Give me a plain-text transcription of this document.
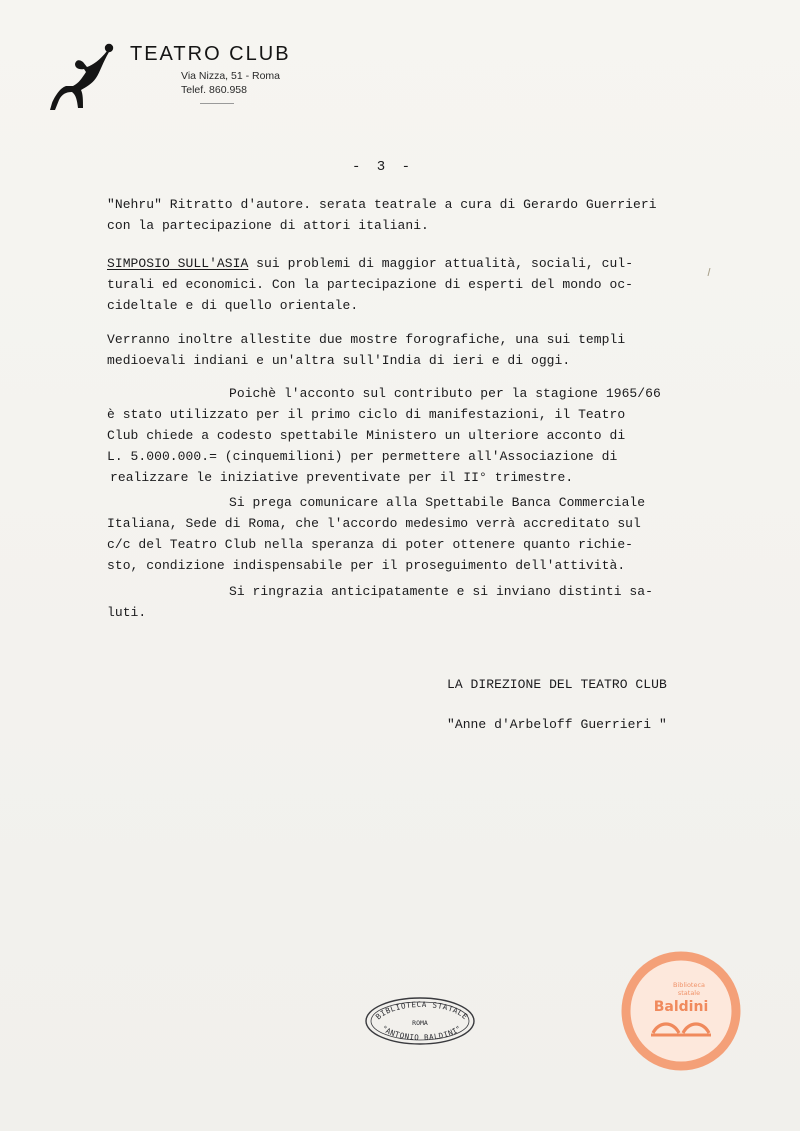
TEATRO CLUB
Via Nizza, 51 - Roma
Telef. 860.958
- 3 -
"Nehru" Ritratto d'autore. serata teatrale a cura di Gerardo Guerrieri
con la partecipazione di attori italiani.
SIMPOSIO SULL'ASIA sui problemi di maggior attualità, sociali, cul-
turali ed economici. Con la partecipazione di esperti del mondo oc-
cideltale e di quello orientale.
Verranno inoltre allestite due mostre forografiche, una sui templi
medioevali indiani e un'altra sull'India di ieri e di oggi.
Poichè l'acconto sul contributo per la stagione 1965/66
è stato utilizzato per il primo ciclo di manifestazioni, il Teatro
Club chiede a codesto spettabile Ministero un ulteriore acconto di
L. 5.000.000.= (cinquemilioni) per permettere all'Associazione di
realizzare le iniziative preventivate per il II° trimestre.
Si prega comunicare alla Spettabile Banca Commerciale
Italiana, Sede di Roma, che l'accordo medesimo verrà accreditato sul
c/c del Teatro Club nella speranza di poter ottenere quanto richie-
sto, condizione indispensabile per il proseguimento dell'attività.
Si ringrazia anticipatamente e si inviano distinti sa-
luti.
LA DIREZIONE DEL TEATRO CLUB
"Anne d'Arbeloff Guerrieri "
BIBLIOTECA STATALE
ROMA
"ANTONIO BALDINI"
Biblioteca
statale
Baldini
